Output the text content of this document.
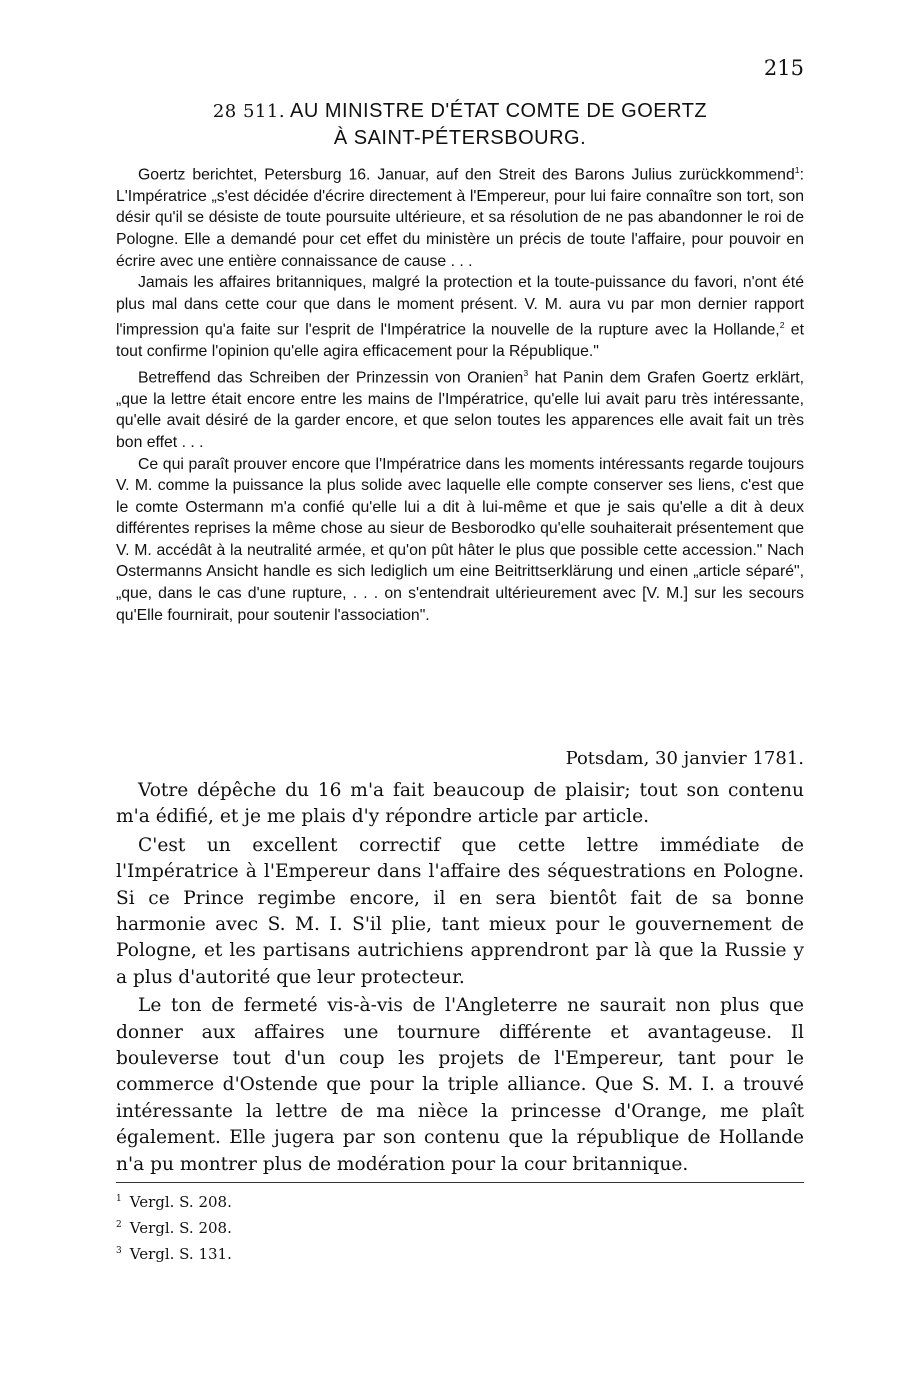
215
28 511. AU MINISTRE D'ÉTAT COMTE DE GOERTZ
À SAINT-PÉTERSBOURG.

Goertz berichtet, Petersburg 16. Januar, auf den Streit des Barons Julius zurückkommend$^1$: L'Impératrice „s'est décidée d'écrire directement à l'Empereur, pour lui faire connaître son tort, son désir qu'il se désiste de toute poursuite ultérieure, et sa résolution de ne pas abandonner le roi de Pologne. Elle a demandé pour cet effet du ministère un précis de toute l'affaire, pour pouvoir en écrire avec une entière connaissance de cause . . .

Jamais les affaires britanniques, malgré la protection et la toute-puissance du favori, n'ont été plus mal dans cette cour que dans le moment présent. V. M. aura vu par mon dernier rapport l'impression qu'a faite sur l'esprit de l'Impératrice la nouvelle de la rupture avec la Hollande,$^2$ et tout confirme l'opinion qu'elle agira efficacement pour la République."

Betreffend das Schreiben der Prinzessin von Oranien$^3$ hat Panin dem Grafen Goertz erklärt, „que la lettre était encore entre les mains de l'Impératrice, qu'elle lui avait paru très intéressante, qu'elle avait désiré de la garder encore, et que selon toutes les apparences elle avait fait un très bon effet . . .

Ce qui paraît prouver encore que l'Impératrice dans les moments intéressants regarde toujours V. M. comme la puissance la plus solide avec laquelle elle compte conserver ses liens, c'est que le comte Ostermann m'a confié qu'elle lui a dit à lui-même et que je sais qu'elle a dit à deux différentes reprises la même chose au sieur de Besborodko qu'elle souhaiterait présentement que V. M. accédât à la neutralité armée, et qu'on pût hâter le plus que possible cette accession." Nach Ostermanns Ansicht handle es sich lediglich um eine Beitrittserklärung und einen „article séparé", „que, dans le cas d'une rupture, . . . on s'entendrait ultérieurement avec [V. M.] sur les secours qu'Elle fournirait, pour soutenir l'association".

Potsdam, 30 janvier 1781.

Votre dépêche du 16 m'a fait beaucoup de plaisir; tout son contenu m'a édifié, et je me plais d'y répondre article par article.

C'est un excellent correctif que cette lettre immédiate de l'Impératrice à l'Empereur dans l'affaire des séquestrations en Pologne. Si ce Prince regimbe encore, il en sera bientôt fait de sa bonne harmonie avec S. M. I. S'il plie, tant mieux pour le gouvernement de Pologne, et les partisans autrichiens apprendront par là que la Russie y a plus d'autorité que leur protecteur.

Le ton de fermeté vis-à-vis de l'Angleterre ne saurait non plus que donner aux affaires une tournure différente et avantageuse. Il bouleverse tout d'un coup les projets de l'Empereur, tant pour le commerce d'Ostende que pour la triple alliance. Que S. M. I. a trouvé intéressante la lettre de ma nièce la princesse d'Orange, me plaît également. Elle jugera par son contenu que la république de Hollande n'a pu montrer plus de modération pour la cour britannique.

$^1$ Vergl. S. 208.
$^2$ Vergl. S. 208.
$^3$ Vergl. S. 131.
